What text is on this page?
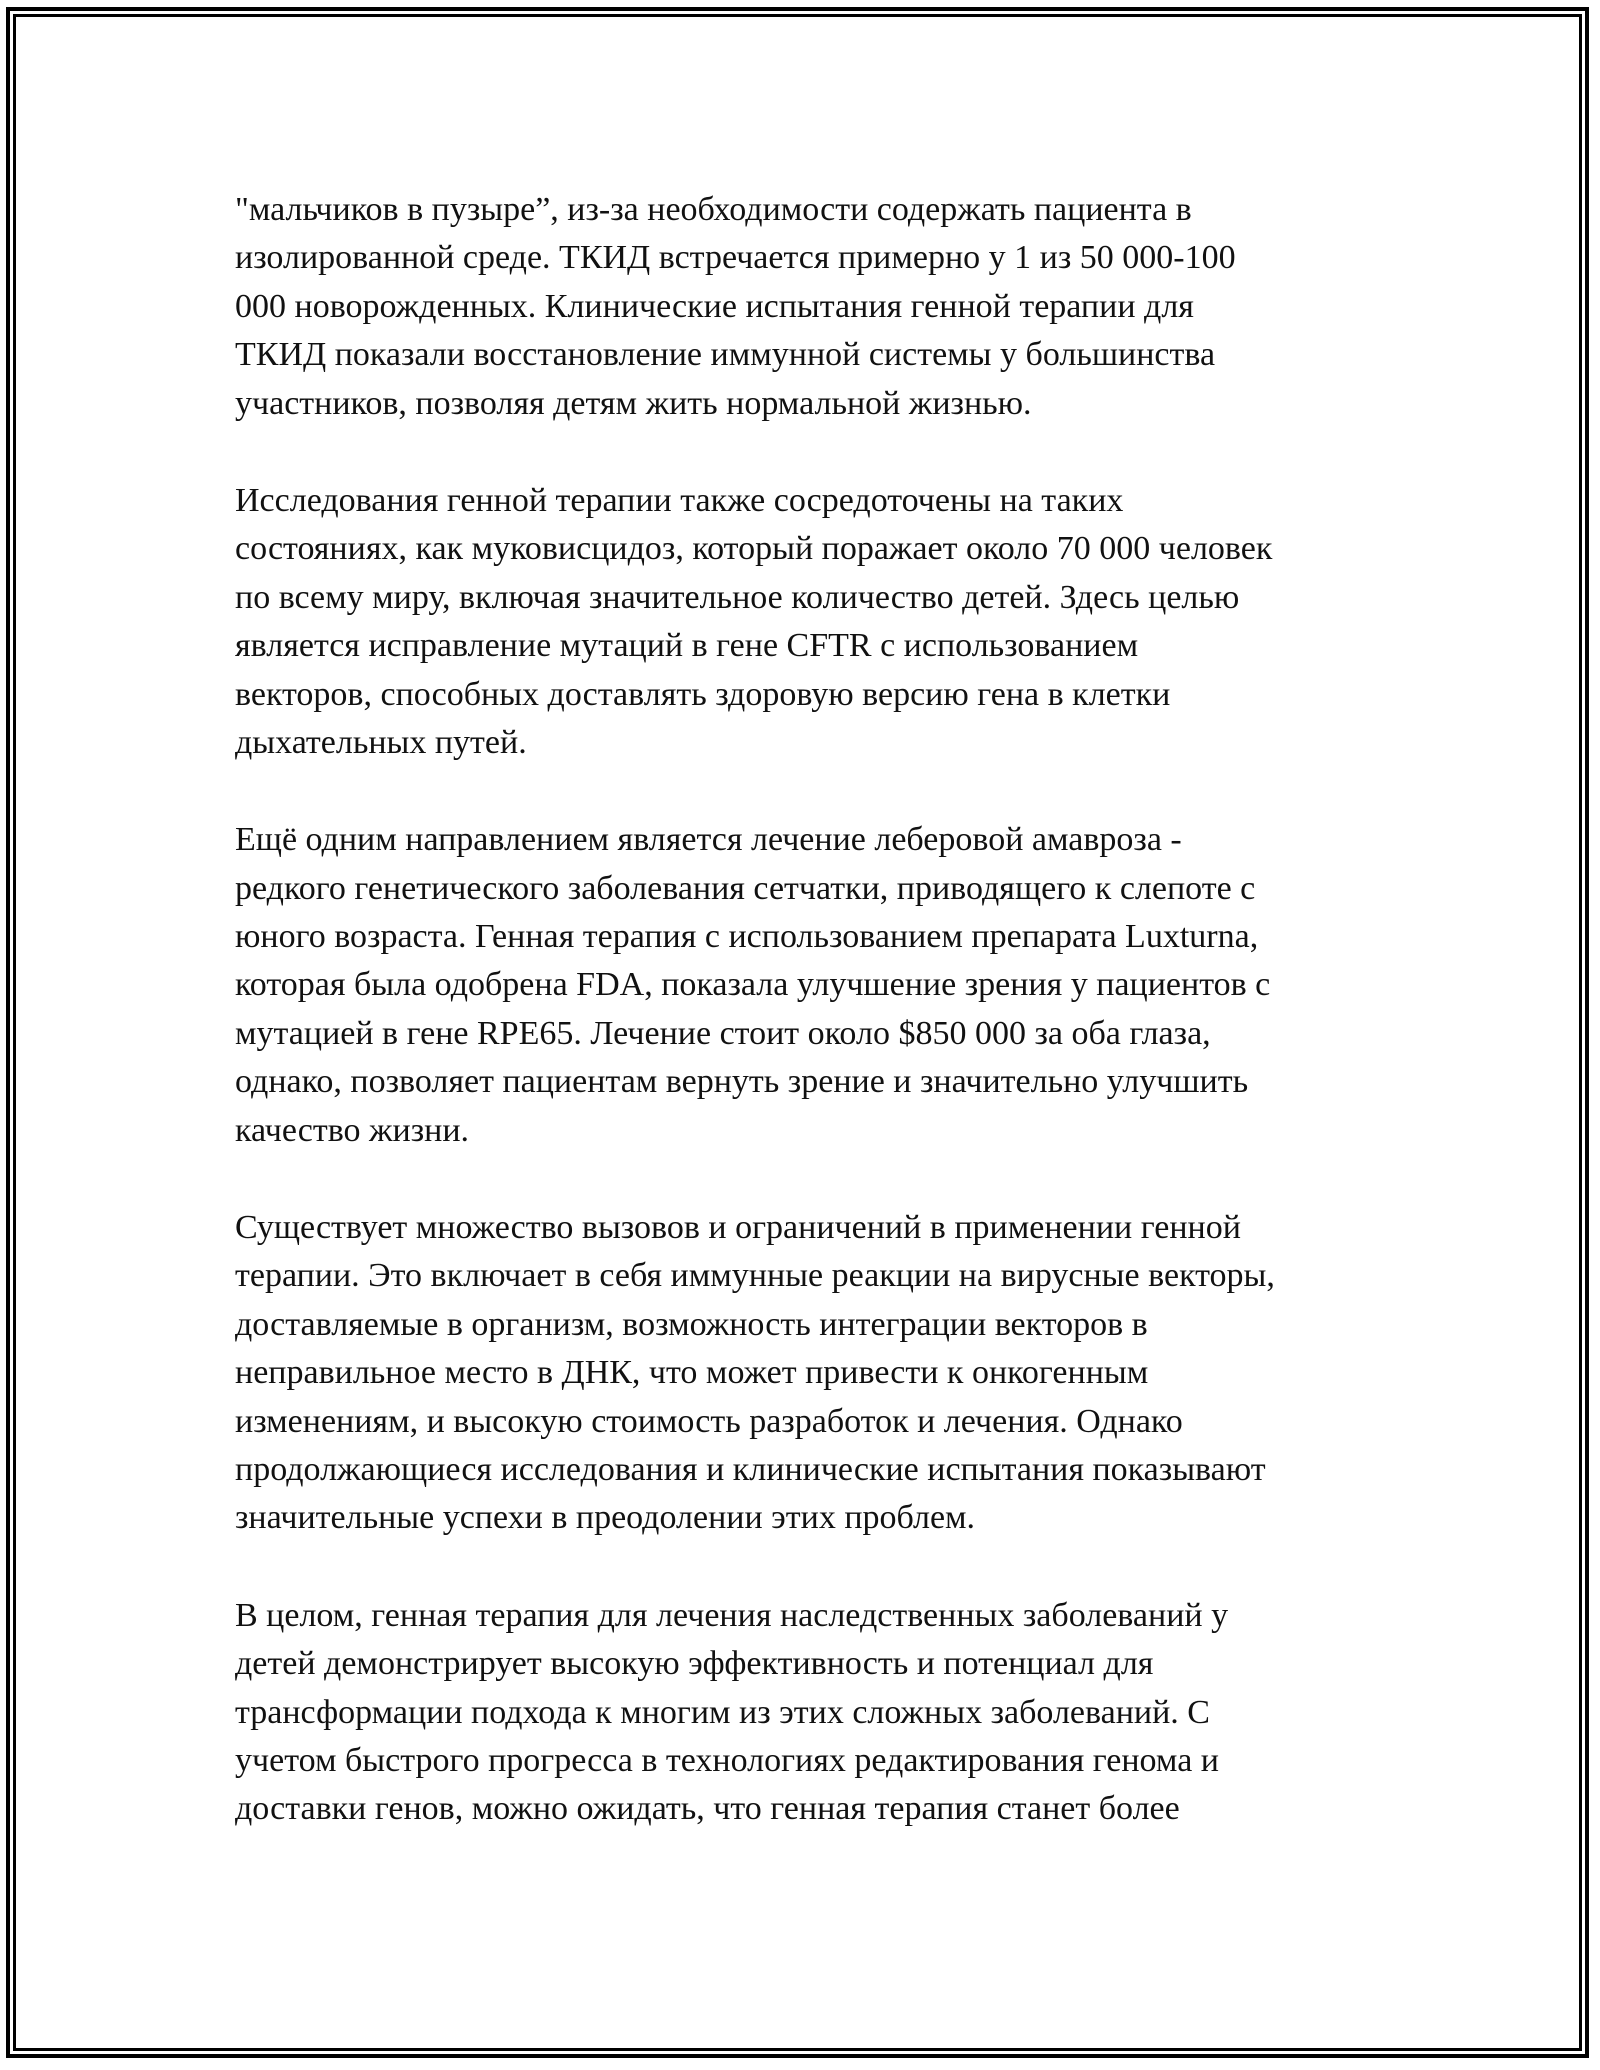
"мальчиков в пузыре”, из-за необходимости содержать пациента в
изолированной среде. ТКИД встречается примерно у 1 из 50 000-100
000 новорожденных. Клинические испытания генной терапии для
ТКИД показали восстановление иммунной системы у большинства
участников, позволяя детям жить нормальной жизнью.
Исследования генной терапии также сосредоточены на таких
состояниях, как муковисцидоз, который поражает около 70 000 человек
по всему миру, включая значительное количество детей. Здесь целью
является исправление мутаций в гене CFTR с использованием
векторов, способных доставлять здоровую версию гена в клетки
дыхательных путей.
Ещё одним направлением является лечение леберовой амавроза -
редкого генетического заболевания сетчатки, приводящего к слепоте с
юного возраста. Генная терапия с использованием препарата Luxturna,
которая была одобрена FDA, показала улучшение зрения у пациентов с
мутацией в гене RPE65. Лечение стоит около $850 000 за оба глаза,
однако, позволяет пациентам вернуть зрение и значительно улучшить
качество жизни.
Существует множество вызовов и ограничений в применении генной
терапии. Это включает в себя иммунные реакции на вирусные векторы,
доставляемые в организм, возможность интеграции векторов в
неправильное место в ДНК, что может привести к онкогенным
изменениям, и высокую стоимость разработок и лечения. Однако
продолжающиеся исследования и клинические испытания показывают
значительные успехи в преодолении этих проблем.
В целом, генная терапия для лечения наследственных заболеваний у
детей демонстрирует высокую эффективность и потенциал для
трансформации подхода к многим из этих сложных заболеваний. С
учетом быстрого прогресса в технологиях редактирования генома и
доставки генов, можно ожидать, что генная терапия станет более
